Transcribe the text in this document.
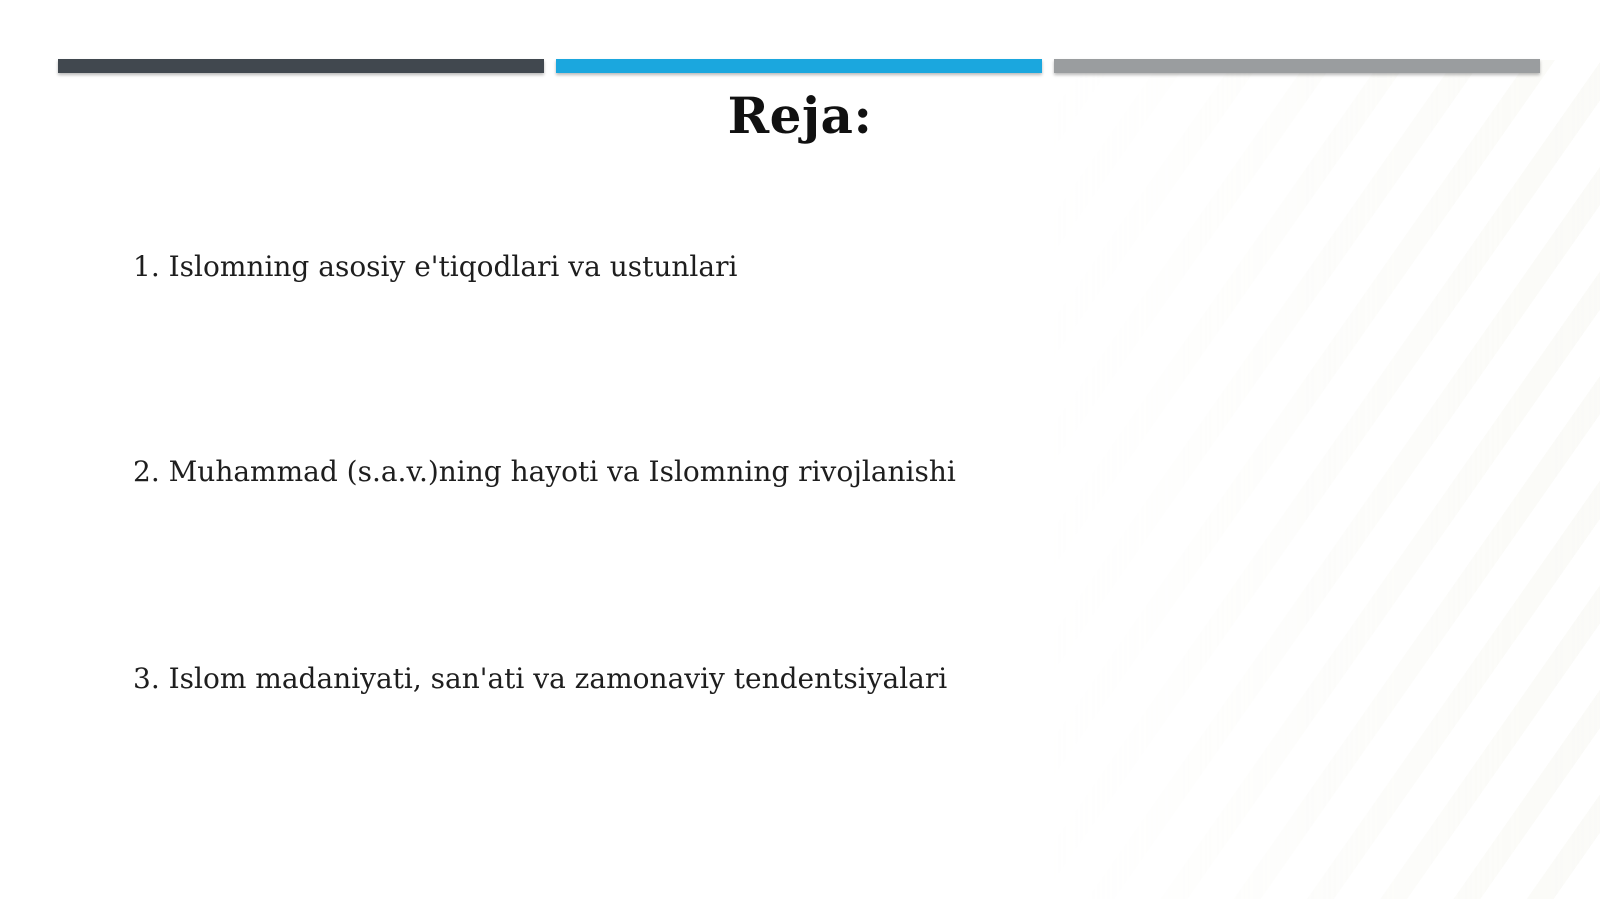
Reja:
1. Islomning asosiy e'tiqodlari va ustunlari
2. Muhammad (s.a.v.)ning hayoti va Islomning rivojlanishi
3. Islom madaniyati, san'ati va zamonaviy tendentsiyalari
